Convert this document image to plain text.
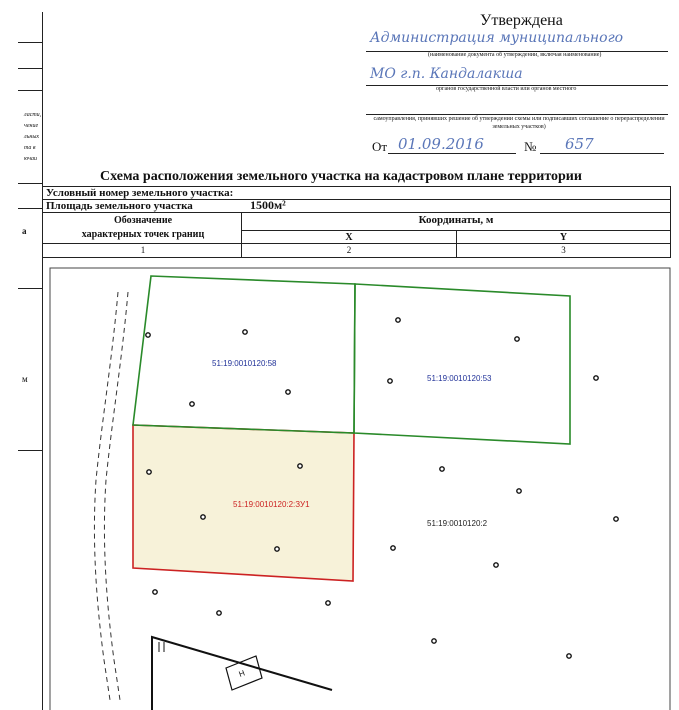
ласти,
чение
льных
та в
ючаи
а
м
Утверждена
Администрация муниципального
(наименование документа об утверждении, включая наименование)
МО г.п. Кандалакша
органов государственной власти или органов местного
самоуправления, принявших решение об утверждении схемы или подписавших соглашение о перераспределении земельных участков)
От 01.09.2016	№ 657
Схема расположения земельного участка на кадастровом плане территории
Условный номер земельного участка:
Площадь земельного участка	1500м²
Обозначение
характерных точек границ
Координаты, м
X	Y
1	2	3
51:19:0010120:58
51:19:0010120:53
51:19:0010120:2:ЗУ1
51:19:0010120:2
Н
